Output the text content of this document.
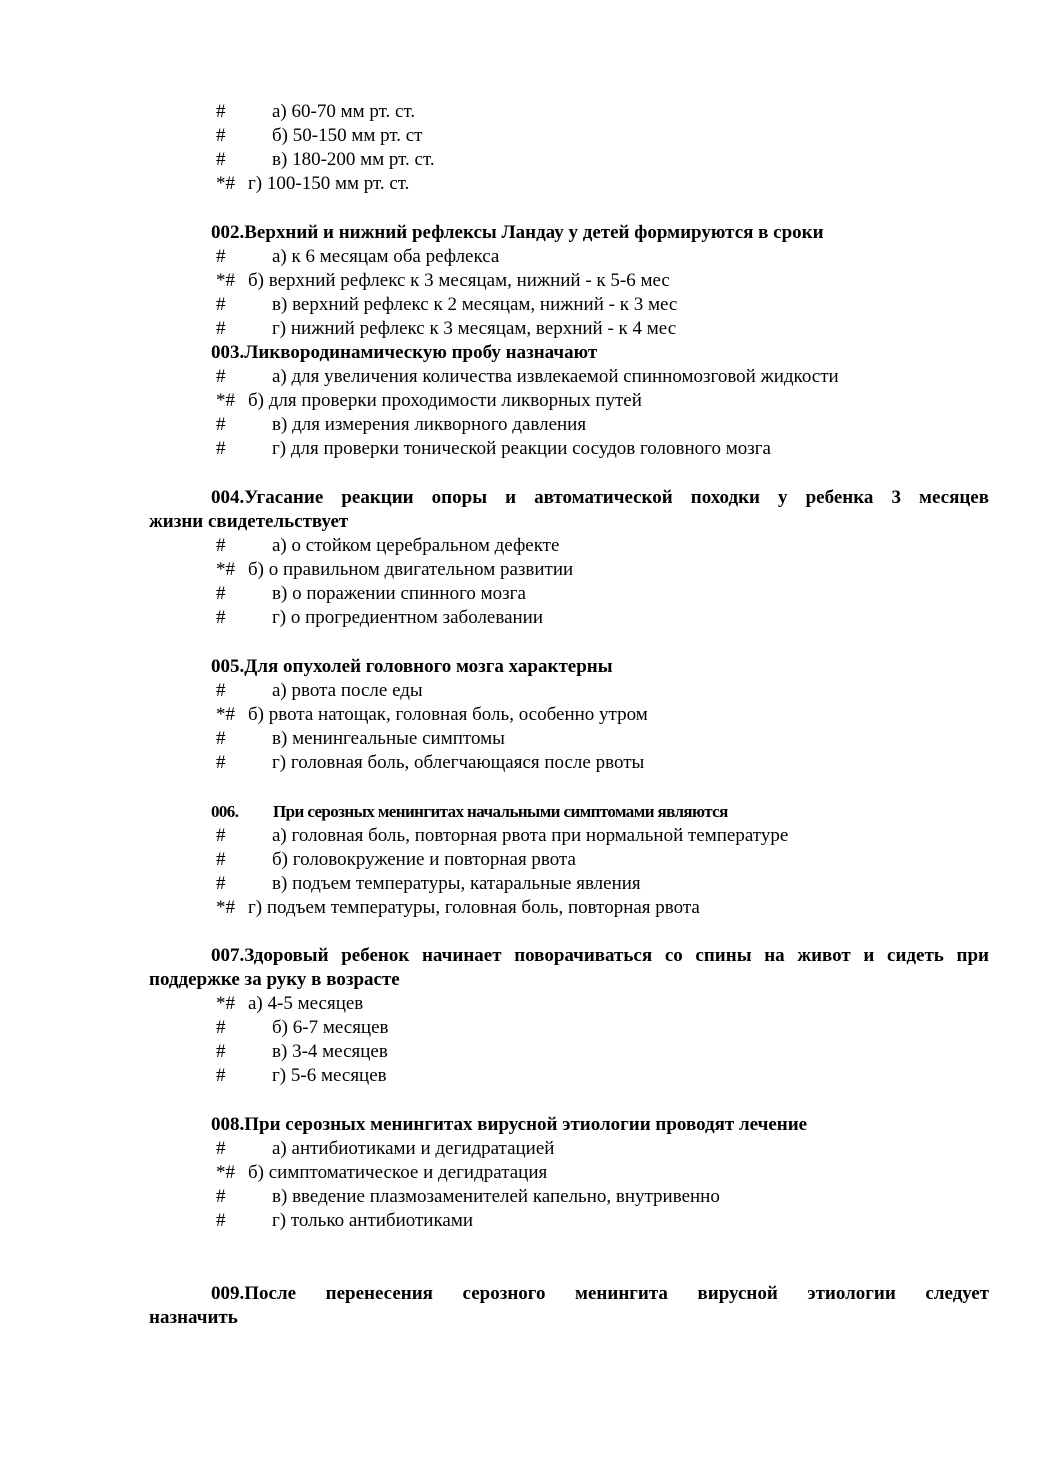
# а) 60-70 мм рт. ст.
# б) 50-150 мм рт. ст
# в) 180-200 мм рт. ст.
*# г) 100-150 мм рт. ст.
002.Верхний и нижний рефлексы Ландау у детей формируются в сроки
# а) к 6 месяцам оба рефлекса
*# б) верхний рефлекс к 3 месяцам, нижний - к 5-6 мес
# в) верхний рефлекс к 2 месяцам, нижний - к 3 мес
# г) нижний рефлекс к 3 месяцам, верхний - к 4 мес
003.Ликвородинамическую пробу назначают
# а) для увеличения количества извлекаемой спинномозговой жидкости
*# б) для проверки проходимости ликворных путей
# в) для измерения ликворного давления
# г) для проверки тонической реакции сосудов головного мозга
004.Угасание реакции опоры и автоматической походки у ребенка 3 месяцев
жизни свидетельствует
# а) о стойком церебральном дефекте
*# б) о правильном двигательном развитии
# в) о поражении спинного мозга
# г) о прогредиентном заболевании
005.Для опухолей головного мозга характерны
# а) рвота после еды
*# б) рвота натощак, головная боль, особенно утром
# в) менингеальные симптомы
# г) головная боль, облегчающаяся после рвоты
006. При серозных менингитах начальными симптомами являются
# а) головная боль, повторная рвота при нормальной температуре
# б) головокружение и повторная рвота
# в) подъем температуры, катаральные явления
*# г) подъем температуры, головная боль, повторная рвота
007.Здоровый ребенок начинает поворачиваться со спины на живот и сидеть при
поддержке за руку в возрасте
*# а) 4-5 месяцев
# б) 6-7 месяцев
# в) 3-4 месяцев
# г) 5-6 месяцев
008.При серозных менингитах вирусной этиологии проводят лечение
# а) антибиотиками и дегидратацией
*# б) симптоматическое и дегидратация
# в) введение плазмозаменителей капельно, внутривенно
# г) только антибиотиками
009.После перенесения серозного менингита вирусной этиологии следует
назначить
